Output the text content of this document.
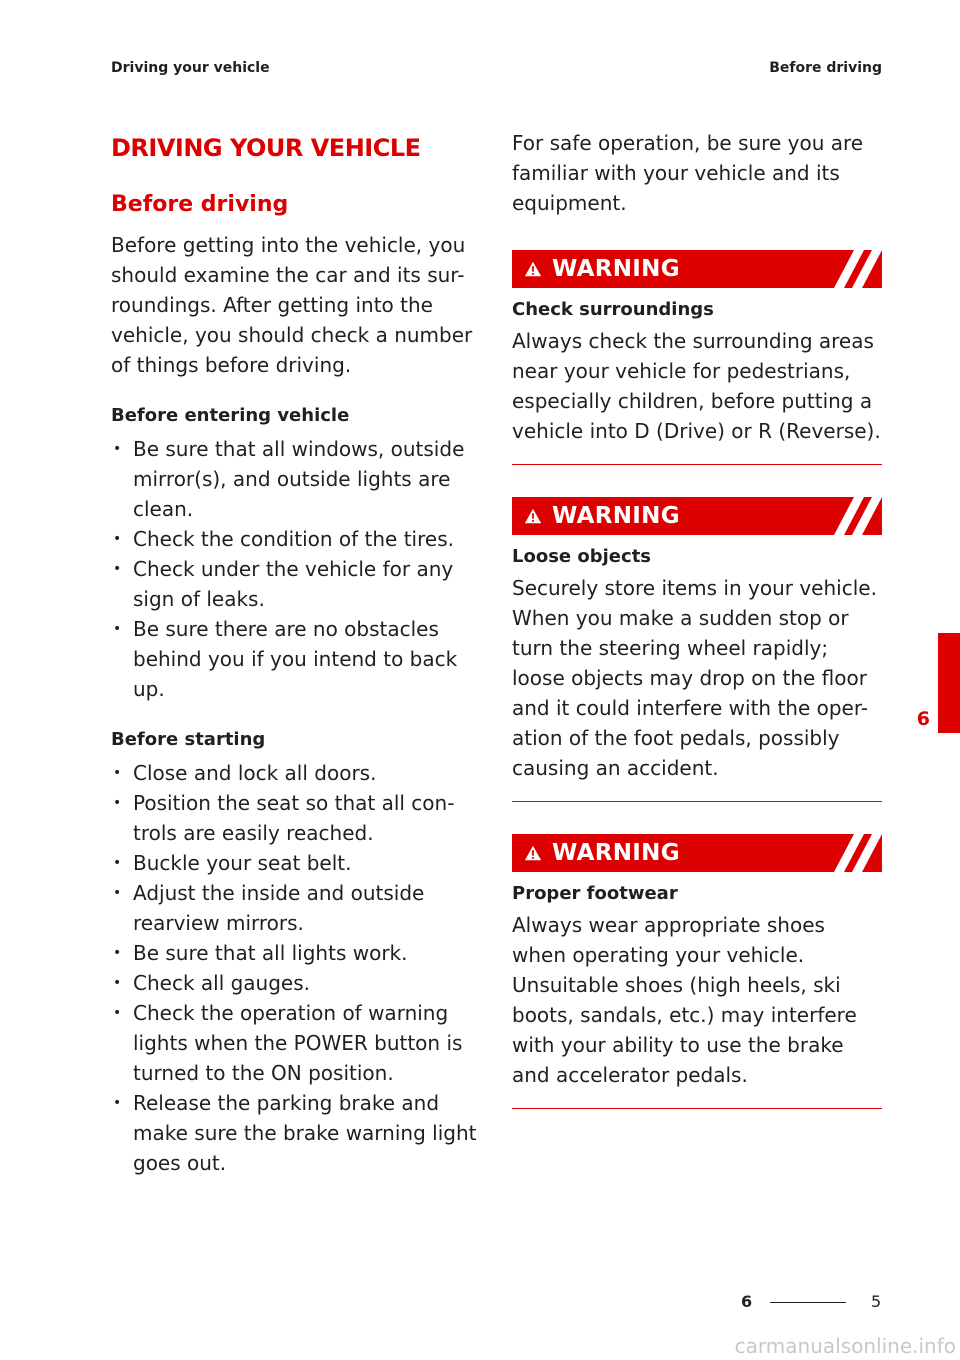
Driving your vehicle	Before driving
DRIVING YOUR VEHICLE
Before driving

Before getting into the vehicle, you should examine the car and its sur-roundings. After getting into the vehicle, you should check a number of things before driving.

Before entering vehicle
• Be sure that all windows, outside mirror(s), and outside lights are clean.
• Check the condition of the tires.
• Check under the vehicle for any sign of leaks.
• Be sure there are no obstacles behind you if you intend to back up.
Before starting
• Close and lock all doors.
• Position the seat so that all con-trols are easily reached.
• Buckle your seat belt.
• Adjust the inside and outside rearview mirrors.
• Be sure that all lights work.
• Check all gauges.
• Check the operation of warning lights when the POWER button is turned to the ON position.
• Release the parking brake and make sure the brake warning light goes out.

For safe operation, be sure you are familiar with your vehicle and its equipment.

WARNING
Check surroundings

Always check the surrounding areas near your vehicle for pedestrians, especially children, before putting a vehicle into D (Drive) or R (Reverse).

WARNING
Loose objects

Securely store items in your vehicle. When you make a sudden stop or turn the steering wheel rapidly; loose objects may drop on the floor and it could interfere with the oper-ation of the foot pedals, possibly causing an accident.

WARNING
Proper footwear

Always wear appropriate shoes when operating your vehicle. Unsuitable shoes (high heels, ski boots, sandals, etc.) may interfere with your ability to use the brake and accelerator pedals.

6
6	5
carmanualsonline.info
